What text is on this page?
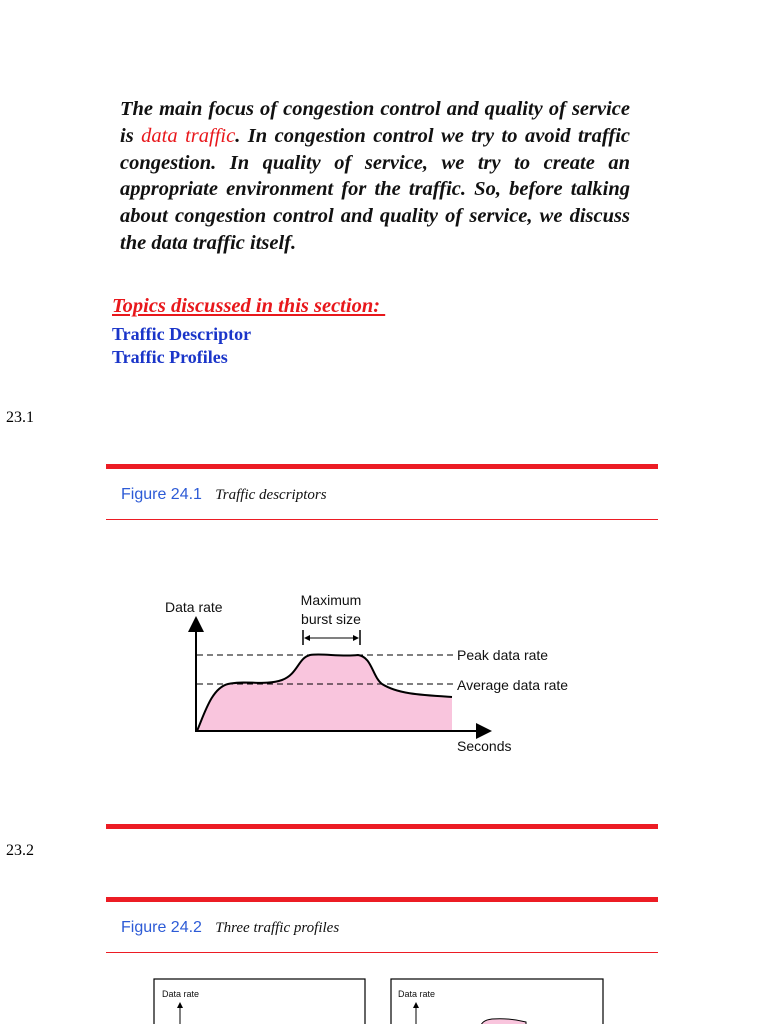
The main focus of congestion control and quality of service is data traffic. In congestion control we try to avoid traffic congestion. In quality of service, we try to create an appropriate environment for the traffic. So, before talking about congestion control and quality of service, we discuss the data traffic itself.
Topics discussed in this section:
Traffic Descriptor
Traffic Profiles
23.1
23.2
Figure 24.1 Traffic descriptors
Data rate
Seconds
Maximum
burst size
Peak data rate
Average data rate
Figure 24.2 Three traffic profiles
Data rate	Data rate
